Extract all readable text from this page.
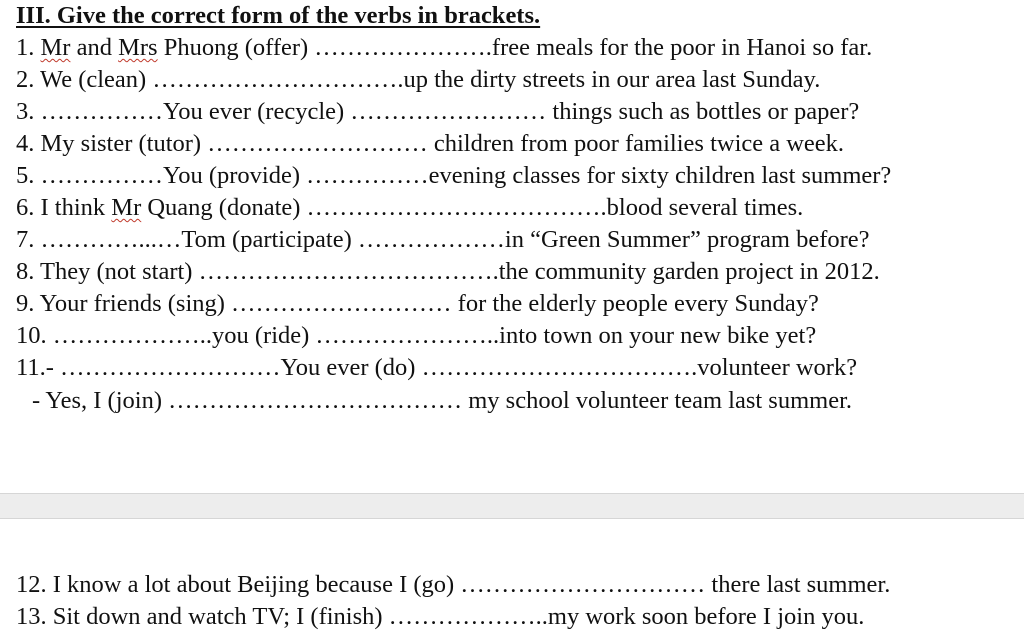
III. Give the correct form of the verbs in brackets.
1. Mr and Mrs Phuong (offer) ………………….free meals for the poor in Hanoi so far.
2. We (clean) ………………………….up the dirty streets in our area last Sunday.
3. ……………You ever (recycle) …………………… things such as bottles or paper?
4. My sister (tutor) ……………………… children from poor families twice a week.
5. ……………You (provide) ……………evening classes for sixty children last summer?
6. I think Mr Quang (donate) ……………………………….blood several times.
7. …………...…Tom (participate) ………………in “Green Summer” program before?
8. They (not start) ……………………………….the community garden project in 2012.
9. Your friends (sing) ……………………… for the elderly people every Sunday?
10. ………………..you (ride) …………………..into town on your new bike yet?
11.- ………………………You ever (do) …………………………….volunteer work?
- Yes, I (join) ……………………………… my school volunteer team last summer.
12. I know a lot about Beijing because I (go) ………………………… there last summer.
13. Sit down and watch TV; I (finish) ………………..my work soon before I join you.
